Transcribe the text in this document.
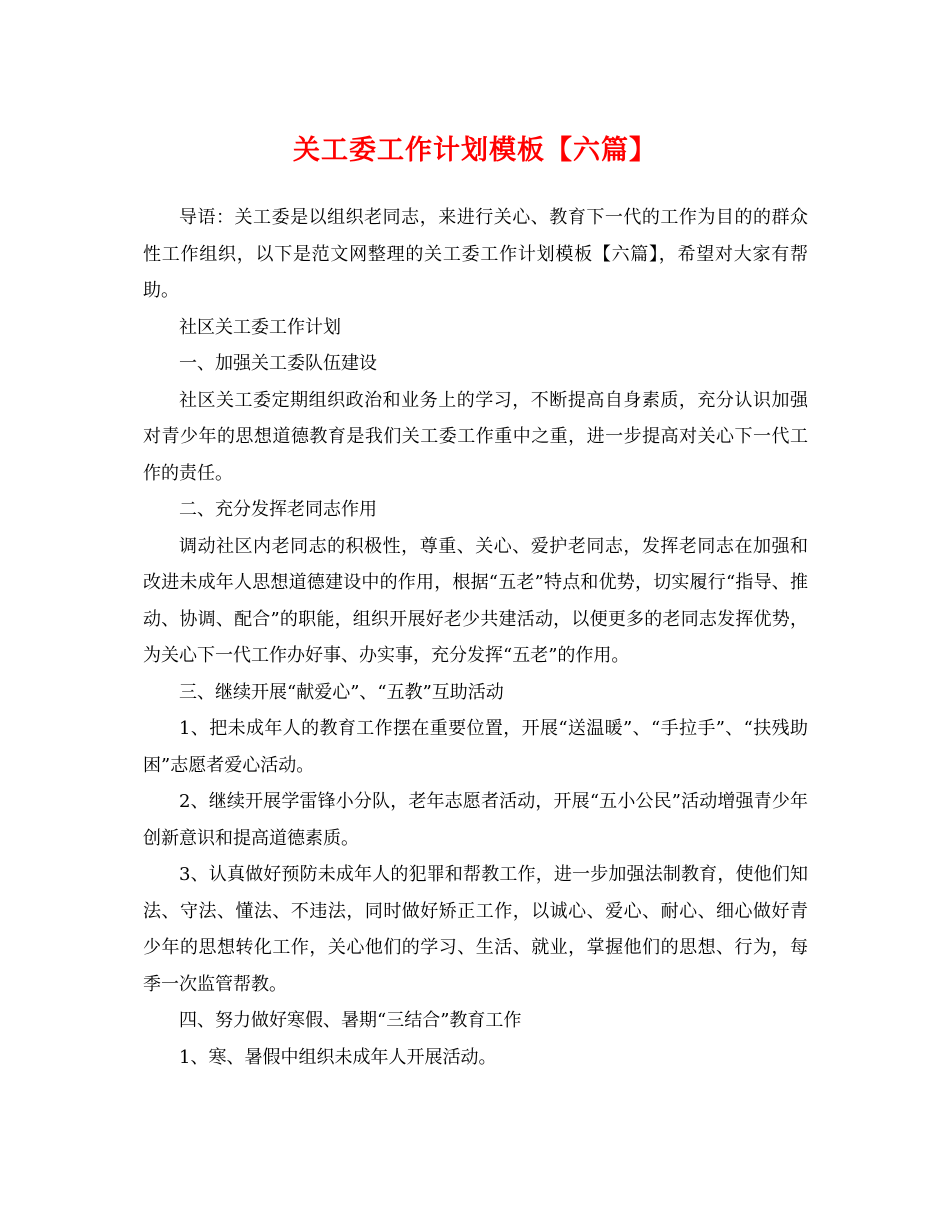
关工委工作计划模板【六篇】

导语：关工委是以组织老同志，来进行关心、教育下一代的工作为目的的群众性工作组织，以下是范文网整理的关工委工作计划模板【六篇】，希望对大家有帮助。

社区关工委工作计划

一、加强关工委队伍建设

社区关工委定期组织政治和业务上的学习，不断提高自身素质，充分认识加强对青少年的思想道德教育是我们关工委工作重中之重，进一步提高对关心下一代工作的责任。

二、充分发挥老同志作用

调动社区内老同志的积极性，尊重、关心、爱护老同志，发挥老同志在加强和改进未成年人思想道德建设中的作用，根据“五老”特点和优势，切实履行“指导、推动、协调、配合”的职能，组织开展好老少共建活动，以便更多的老同志发挥优势，为关心下一代工作办好事、办实事，充分发挥“五老”的作用。

三、继续开展“献爱心”、“五教”互助活动

1、把未成年人的教育工作摆在重要位置，开展“送温暖”、“手拉手”、“扶残助困”志愿者爱心活动。

2、继续开展学雷锋小分队，老年志愿者活动，开展“五小公民”活动增强青少年创新意识和提高道德素质。

3、认真做好预防未成年人的犯罪和帮教工作，进一步加强法制教育，使他们知法、守法、懂法、不违法，同时做好矫正工作，以诚心、爱心、耐心、细心做好青少年的思想转化工作，关心他们的学习、生活、就业，掌握他们的思想、行为，每季一次监管帮教。

四、努力做好寒假、暑期“三结合”教育工作

1、寒、暑假中组织未成年人开展活动。
